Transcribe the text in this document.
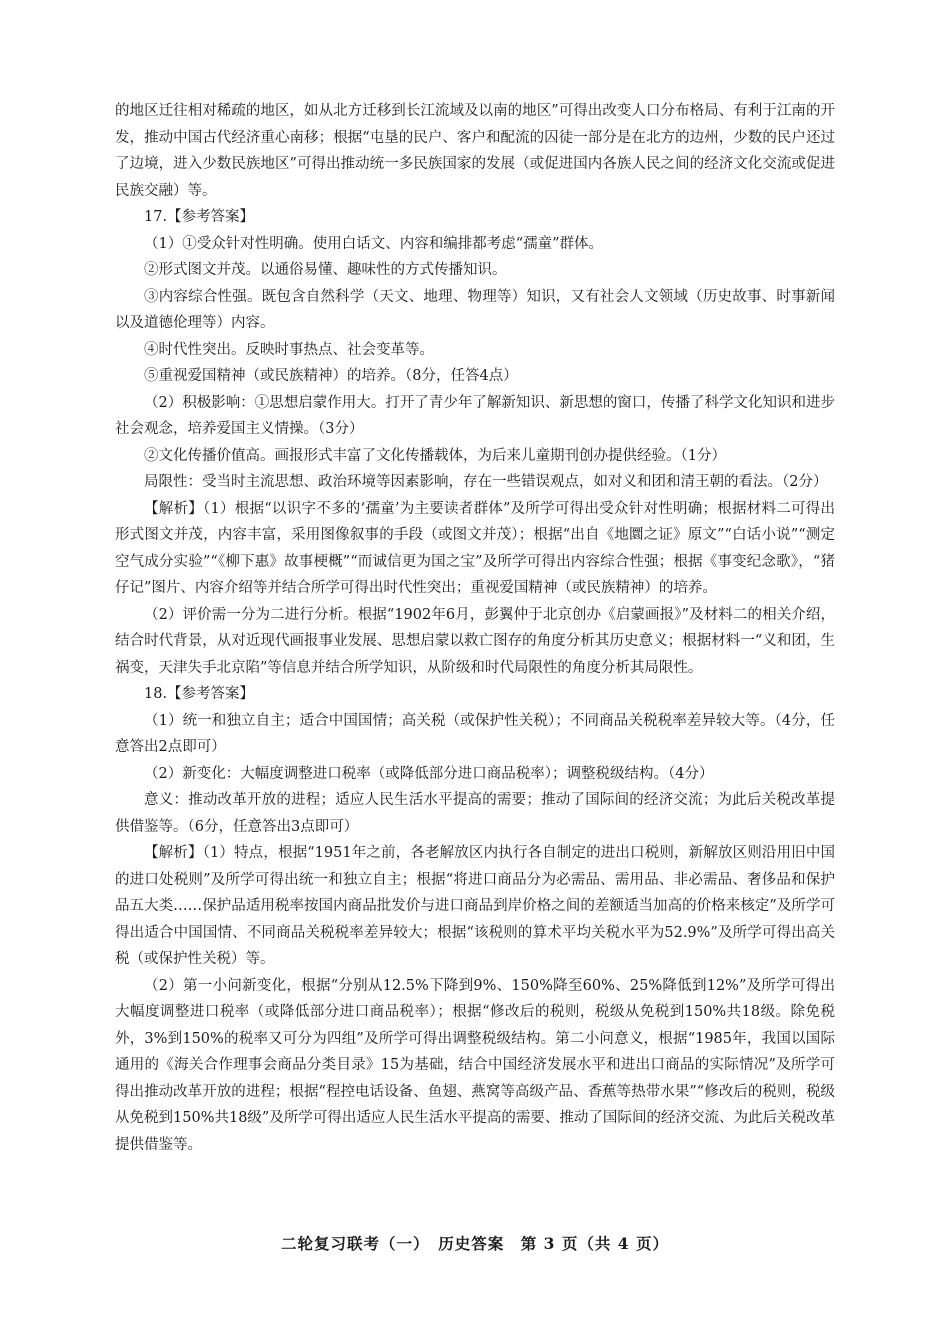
的地区迁往相对稀疏的地区，如从北方迁移到长江流域及以南的地区”可得出改变人口分布格局、有利于江南的开发，推动中国古代经济重心南移；根据“屯垦的民户、客户和配流的囚徒一部分是在北方的边州，少数的民户还过了边境，进入少数民族地区”可得出推动统一多民族国家的发展（或促进国内各族人民之间的经济文化交流或促进民族交融）等。

17.【参考答案】

（1）①受众针对性明确。使用白话文、内容和编排都考虑“孺童”群体。

②形式图文并茂。以通俗易懂、趣味性的方式传播知识。

③内容综合性强。既包含自然科学（天文、地理、物理等）知识，又有社会人文领域（历史故事、时事新闻以及道德伦理等）内容。

④时代性突出。反映时事热点、社会变革等。

⑤重视爱国精神（或民族精神）的培养。（8分，任答4点）

（2）积极影响：①思想启蒙作用大。打开了青少年了解新知识、新思想的窗口，传播了科学文化知识和进步社会观念，培养爱国主义情操。（3分）

②文化传播价值高。画报形式丰富了文化传播载体，为后来儿童期刊创办提供经验。（1分）

局限性：受当时主流思想、政治环境等因素影响，存在一些错误观点，如对义和团和清王朝的看法。（2分）

【解析】（1）根据“以识字不多的‘孺童’为主要读者群体”及所学可得出受众针对性明确；根据材料二可得出形式图文并茂，内容丰富，采用图像叙事的手段（或图文并茂）；根据“出自《地圜之证》原文”“白话小说”“测定空气成分实验”“《柳下惠》故事梗概”“而诚信更为国之宝”及所学可得出内容综合性强；根据《事变纪念歌》，“猪仔记”图片、内容介绍等并结合所学可得出时代性突出；重视爱国精神（或民族精神）的培养。

（2）评价需一分为二进行分析。根据“1902年6月，彭翼仲于北京创办《启蒙画报》”及材料二的相关介绍，结合时代背景，从对近现代画报事业发展、思想启蒙以救亡图存的角度分析其历史意义；根据材料一“义和团，生祸变，天津失手北京陷”等信息并结合所学知识，从阶级和时代局限性的角度分析其局限性。

18.【参考答案】

（1）统一和独立自主；适合中国国情；高关税（或保护性关税）；不同商品关税税率差异较大等。（4分，任意答出2点即可）

（2）新变化：大幅度调整进口税率（或降低部分进口商品税率）；调整税级结构。（4分）

意义：推动改革开放的进程；适应人民生活水平提高的需要；推动了国际间的经济交流；为此后关税改革提供借鉴等。（6分，任意答出3点即可）

【解析】（1）特点，根据“1951年之前，各老解放区内执行各自制定的进出口税则，新解放区则沿用旧中国的进口处税则”及所学可得出统一和独立自主；根据“将进口商品分为必需品、需用品、非必需品、奢侈品和保护品五大类……保护品适用税率按国内商品批发价与进口商品到岸价格之间的差额适当加高的价格来核定”及所学可得出适合中国国情、不同商品关税税率差异较大；根据“该税则的算术平均关税水平为52.9%”及所学可得出高关税（或保护性关税）等。

（2）第一小问新变化，根据“分别从12.5%下降到9%、150%降至60%、25%降低到12%”及所学可得出大幅度调整进口税率（或降低部分进口商品税率）；根据“修改后的税则，税级从免税到150%共18级。除免税外，3%到150%的税率又可分为四组”及所学可得出调整税级结构。第二小问意义，根据“1985年，我国以国际通用的《海关合作理事会商品分类目录》15为基础，结合中国经济发展水平和进出口商品的实际情况”及所学可得出推动改革开放的进程；根据“程控电话设备、鱼翅、燕窝等高级产品、香蕉等热带水果”“修改后的税则，税级从免税到150%共18级”及所学可得出适应人民生活水平提高的需要、推动了国际间的经济交流、为此后关税改革提供借鉴等。

二轮复习联考（一）　历史答案　第 3 页（共 4 页）
